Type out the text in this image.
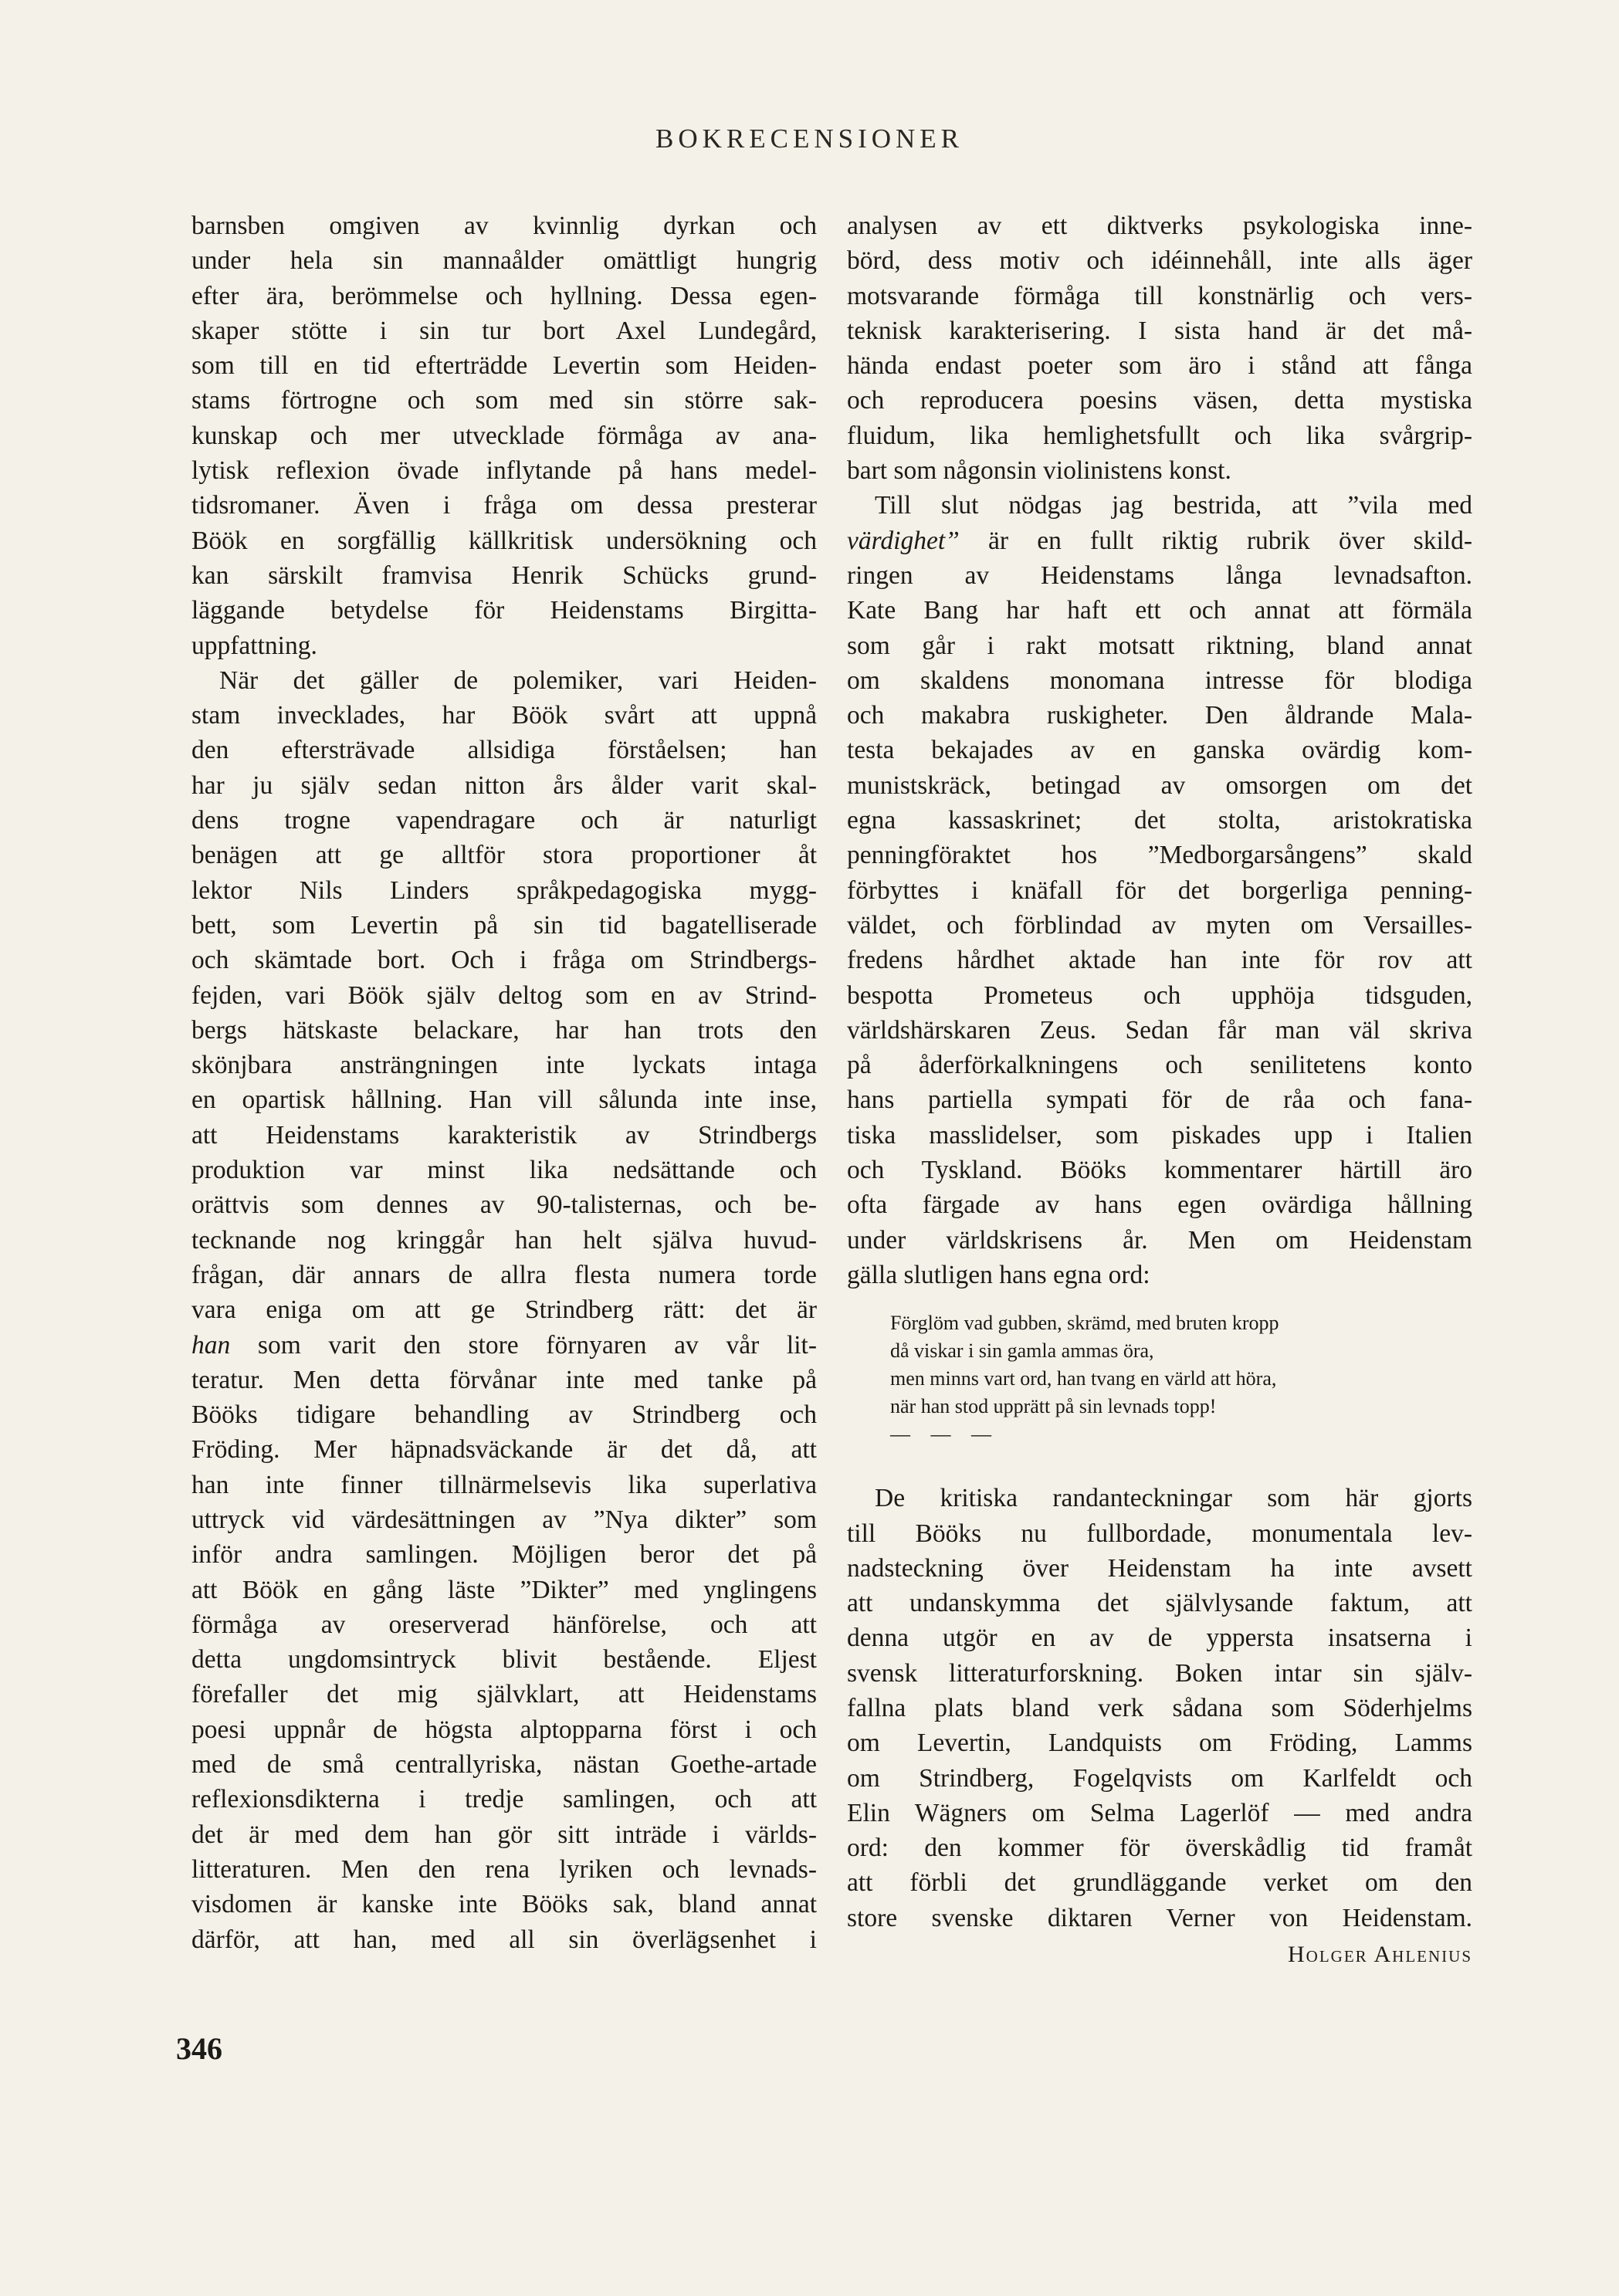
BOKRECENSIONER

barnsben omgiven av kvinnlig dyrkan och
under hela sin mannaålder omättligt hungrig
efter ära, berömmelse och hyllning. Dessa egen-
skaper stötte i sin tur bort Axel Lundegård,
som till en tid efterträdde Levertin som Heiden-
stams förtrogne och som med sin större sak-
kunskap och mer utvecklade förmåga av ana-
lytisk reflexion övade inflytande på hans medel-
tidsromaner. Även i fråga om dessa presterar
Böök en sorgfällig källkritisk undersökning och
kan särskilt framvisa Henrik Schücks grund-
läggande betydelse för Heidenstams Birgitta-
uppfattning.

När det gäller de polemiker, vari Heiden-
stam invecklades, har Böök svårt att uppnå
den eftersträvade allsidiga förståelsen; han
har ju själv sedan nitton års ålder varit skal-
dens trogne vapendragare och är naturligt
benägen att ge alltför stora proportioner åt
lektor Nils Linders språkpedagogiska mygg-
bett, som Levertin på sin tid bagatelliserade
och skämtade bort. Och i fråga om Strindbergs-
fejden, vari Böök själv deltog som en av Strind-
bergs hätskaste belackare, har han trots den
skönjbara ansträngningen inte lyckats intaga
en opartisk hållning. Han vill sålunda inte inse,
att Heidenstams karakteristik av Strindbergs
produktion var minst lika nedsättande och
orättvis som dennes av 90-talisternas, och be-
tecknande nog kringgår han helt själva huvud-
frågan, där annars de allra flesta numera torde
vara eniga om att ge Strindberg rätt: det är
han som varit den store förnyaren av vår lit-
teratur. Men detta förvånar inte med tanke på
Bööks tidigare behandling av Strindberg och
Fröding. Mer häpnadsväckande är det då, att
han inte finner tillnärmelsevis lika superlativa
uttryck vid värdesättningen av ”Nya dikter” som
inför andra samlingen. Möjligen beror det på
att Böök en gång läste ”Dikter” med ynglingens
förmåga av oreserverad hänförelse, och att
detta ungdomsintryck blivit bestående. Eljest
förefaller det mig självklart, att Heidenstams
poesi uppnår de högsta alptopparna först i och
med de små centrallyriska, nästan Goethe-artade
reflexionsdikterna i tredje samlingen, och att
det är med dem han gör sitt inträde i världs-
litteraturen. Men den rena lyriken och levnads-
visdomen är kanske inte Bööks sak, bland annat
därför, att han, med all sin överlägsenhet i

analysen av ett diktverks psykologiska inne-
börd, dess motiv och idéinnehåll, inte alls äger
motsvarande förmåga till konstnärlig och vers-
teknisk karakterisering. I sista hand är det må-
hända endast poeter som äro i stånd att fånga
och reproducera poesins väsen, detta mystiska
fluidum, lika hemlighetsfullt och lika svårgrip-
bart som någonsin violinistens konst.

Till slut nödgas jag bestrida, att ”vila med
värdighet” är en fullt riktig rubrik över skild-
ringen av Heidenstams långa levnadsafton.
Kate Bang har haft ett och annat att förmäla
som går i rakt motsatt riktning, bland annat
om skaldens monomana intresse för blodiga
och makabra ruskigheter. Den åldrande Mala-
testa bekajades av en ganska ovärdig kom-
munistskräck, betingad av omsorgen om det
egna kassaskrinet; det stolta, aristokratiska
penningföraktet hos ”Medborgarsångens” skald
förbyttes i knäfall för det borgerliga penning-
väldet, och förblindad av myten om Versailles-
fredens hårdhet aktade han inte för rov att
bespotta Prometeus och upphöja tidsguden,
världshärskaren Zeus. Sedan får man väl skriva
på åderförkalkningens och senilitetens konto
hans partiella sympati för de råa och fana-
tiska masslidelser, som piskades upp i Italien
och Tyskland. Bööks kommentarer härtill äro
ofta färgade av hans egen ovärdiga hållning
under världskrisens år. Men om Heidenstam
gälla slutligen hans egna ord:

Förglöm vad gubben, skrämd, med bruten kropp
då viskar i sin gamla ammas öra,
men minns vart ord, han tvang en värld att höra,
när han stod upprätt på sin levnads topp!
— — —

De kritiska randanteckningar som här gjorts
till Bööks nu fullbordade, monumentala lev-
nadsteckning över Heidenstam ha inte avsett
att undanskymma det självlysande faktum, att
denna utgör en av de yppersta insatserna i
svensk litteraturforskning. Boken intar sin själv-
fallna plats bland verk sådana som Söderhjelms
om Levertin, Landquists om Fröding, Lamms
om Strindberg, Fogelqvists om Karlfeldt och
Elin Wägners om Selma Lagerlöf — med andra
ord: den kommer för överskådlig tid framåt
att förbli det grundläggande verket om den
store svenske diktaren Verner von Heidenstam.
Holger Ahlenius

346
